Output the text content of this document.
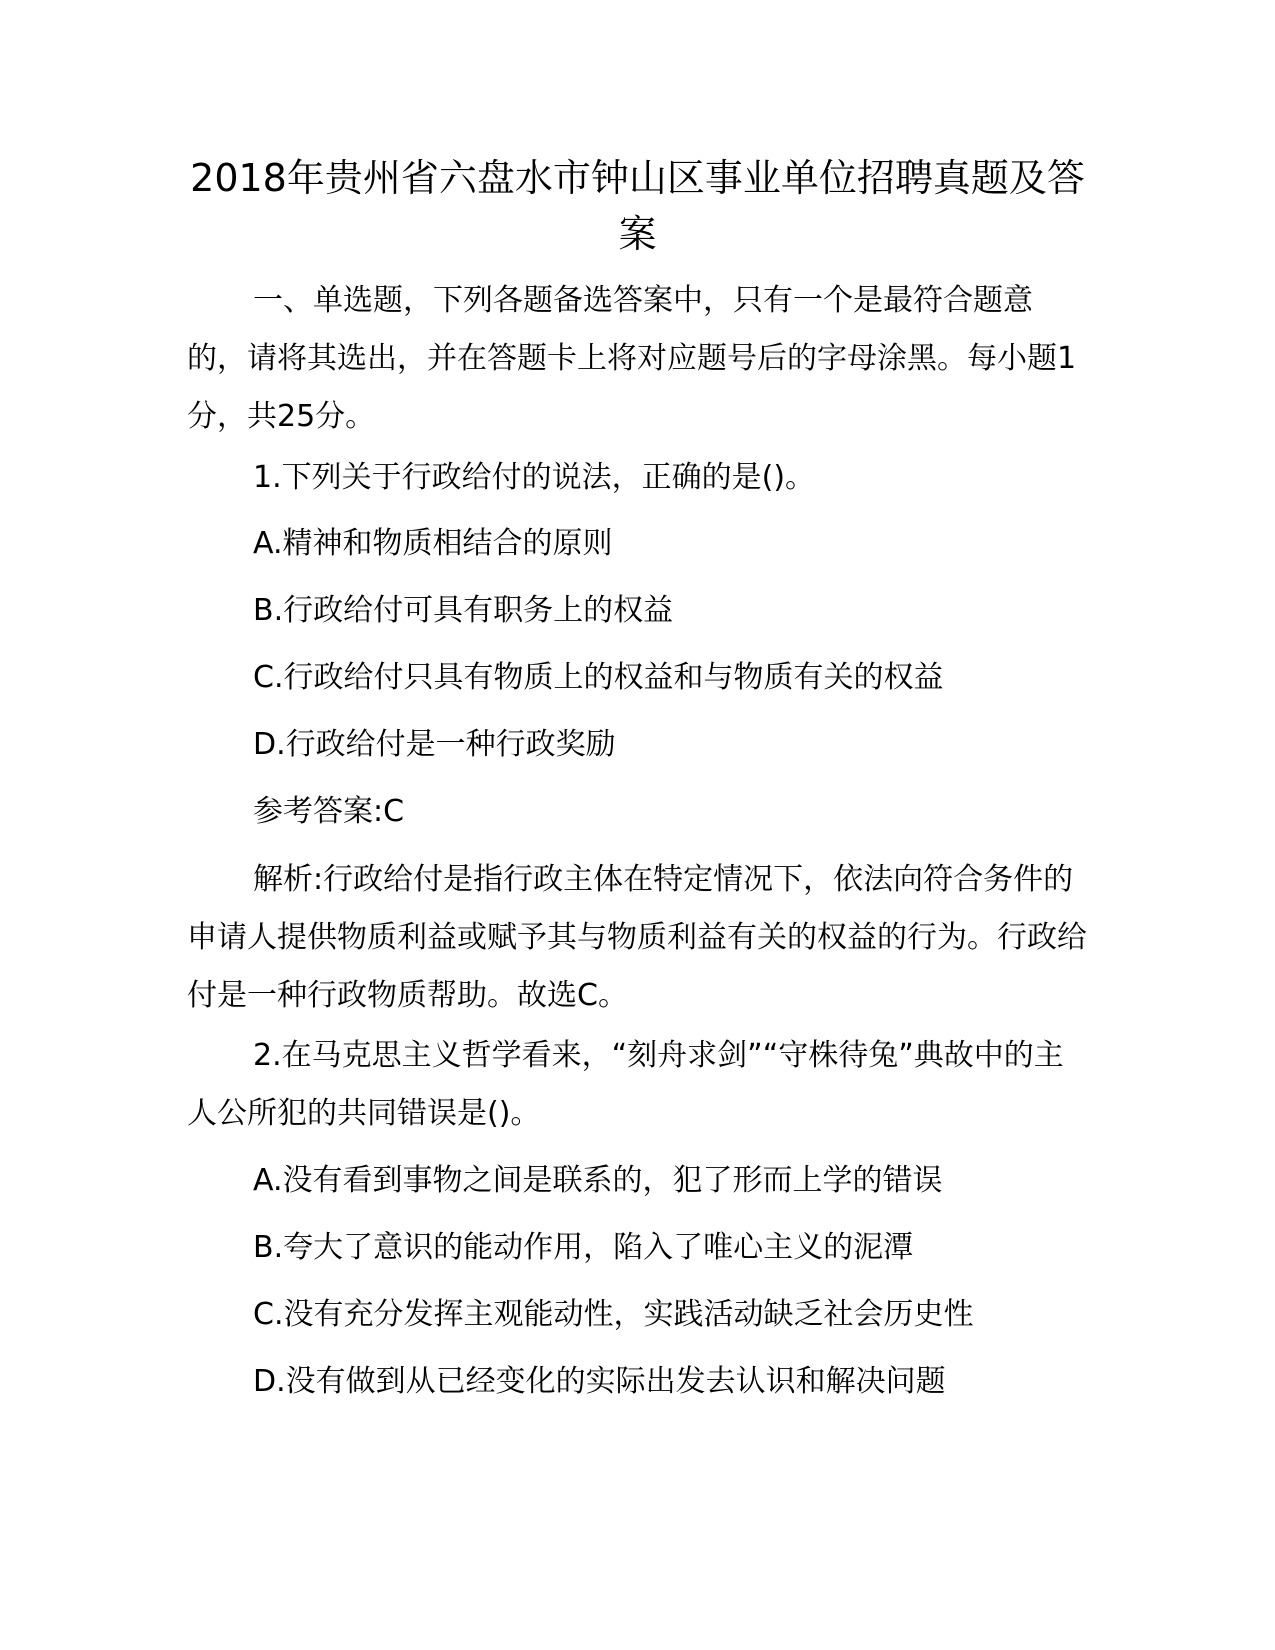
2018年贵州省六盘水市钟山区事业单位招聘真题及答案

一、单选题，下列各题备选答案中，只有一个是最符合题意的，请将其选出，并在答题卡上将对应题号后的字母涂黑。每小题1分，共25分。

1.下列关于行政给付的说法，正确的是()。

A.精神和物质相结合的原则

B.行政给付可具有职务上的权益

C.行政给付只具有物质上的权益和与物质有关的权益

D.行政给付是一种行政奖励

参考答案:C

解析:行政给付是指行政主体在特定情况下，依法向符合务件的申请人提供物质利益或赋予其与物质利益有关的权益的行为。行政给付是一种行政物质帮助。故选C。

2.在马克思主义哲学看来，“刻舟求剑”“守株待兔”典故中的主人公所犯的共同错误是()。

A.没有看到事物之间是联系的，犯了形而上学的错误

B.夸大了意识的能动作用，陷入了唯心主义的泥潭

C.没有充分发挥主观能动性，实践活动缺乏社会历史性

D.没有做到从已经变化的实际出发去认识和解决问题
